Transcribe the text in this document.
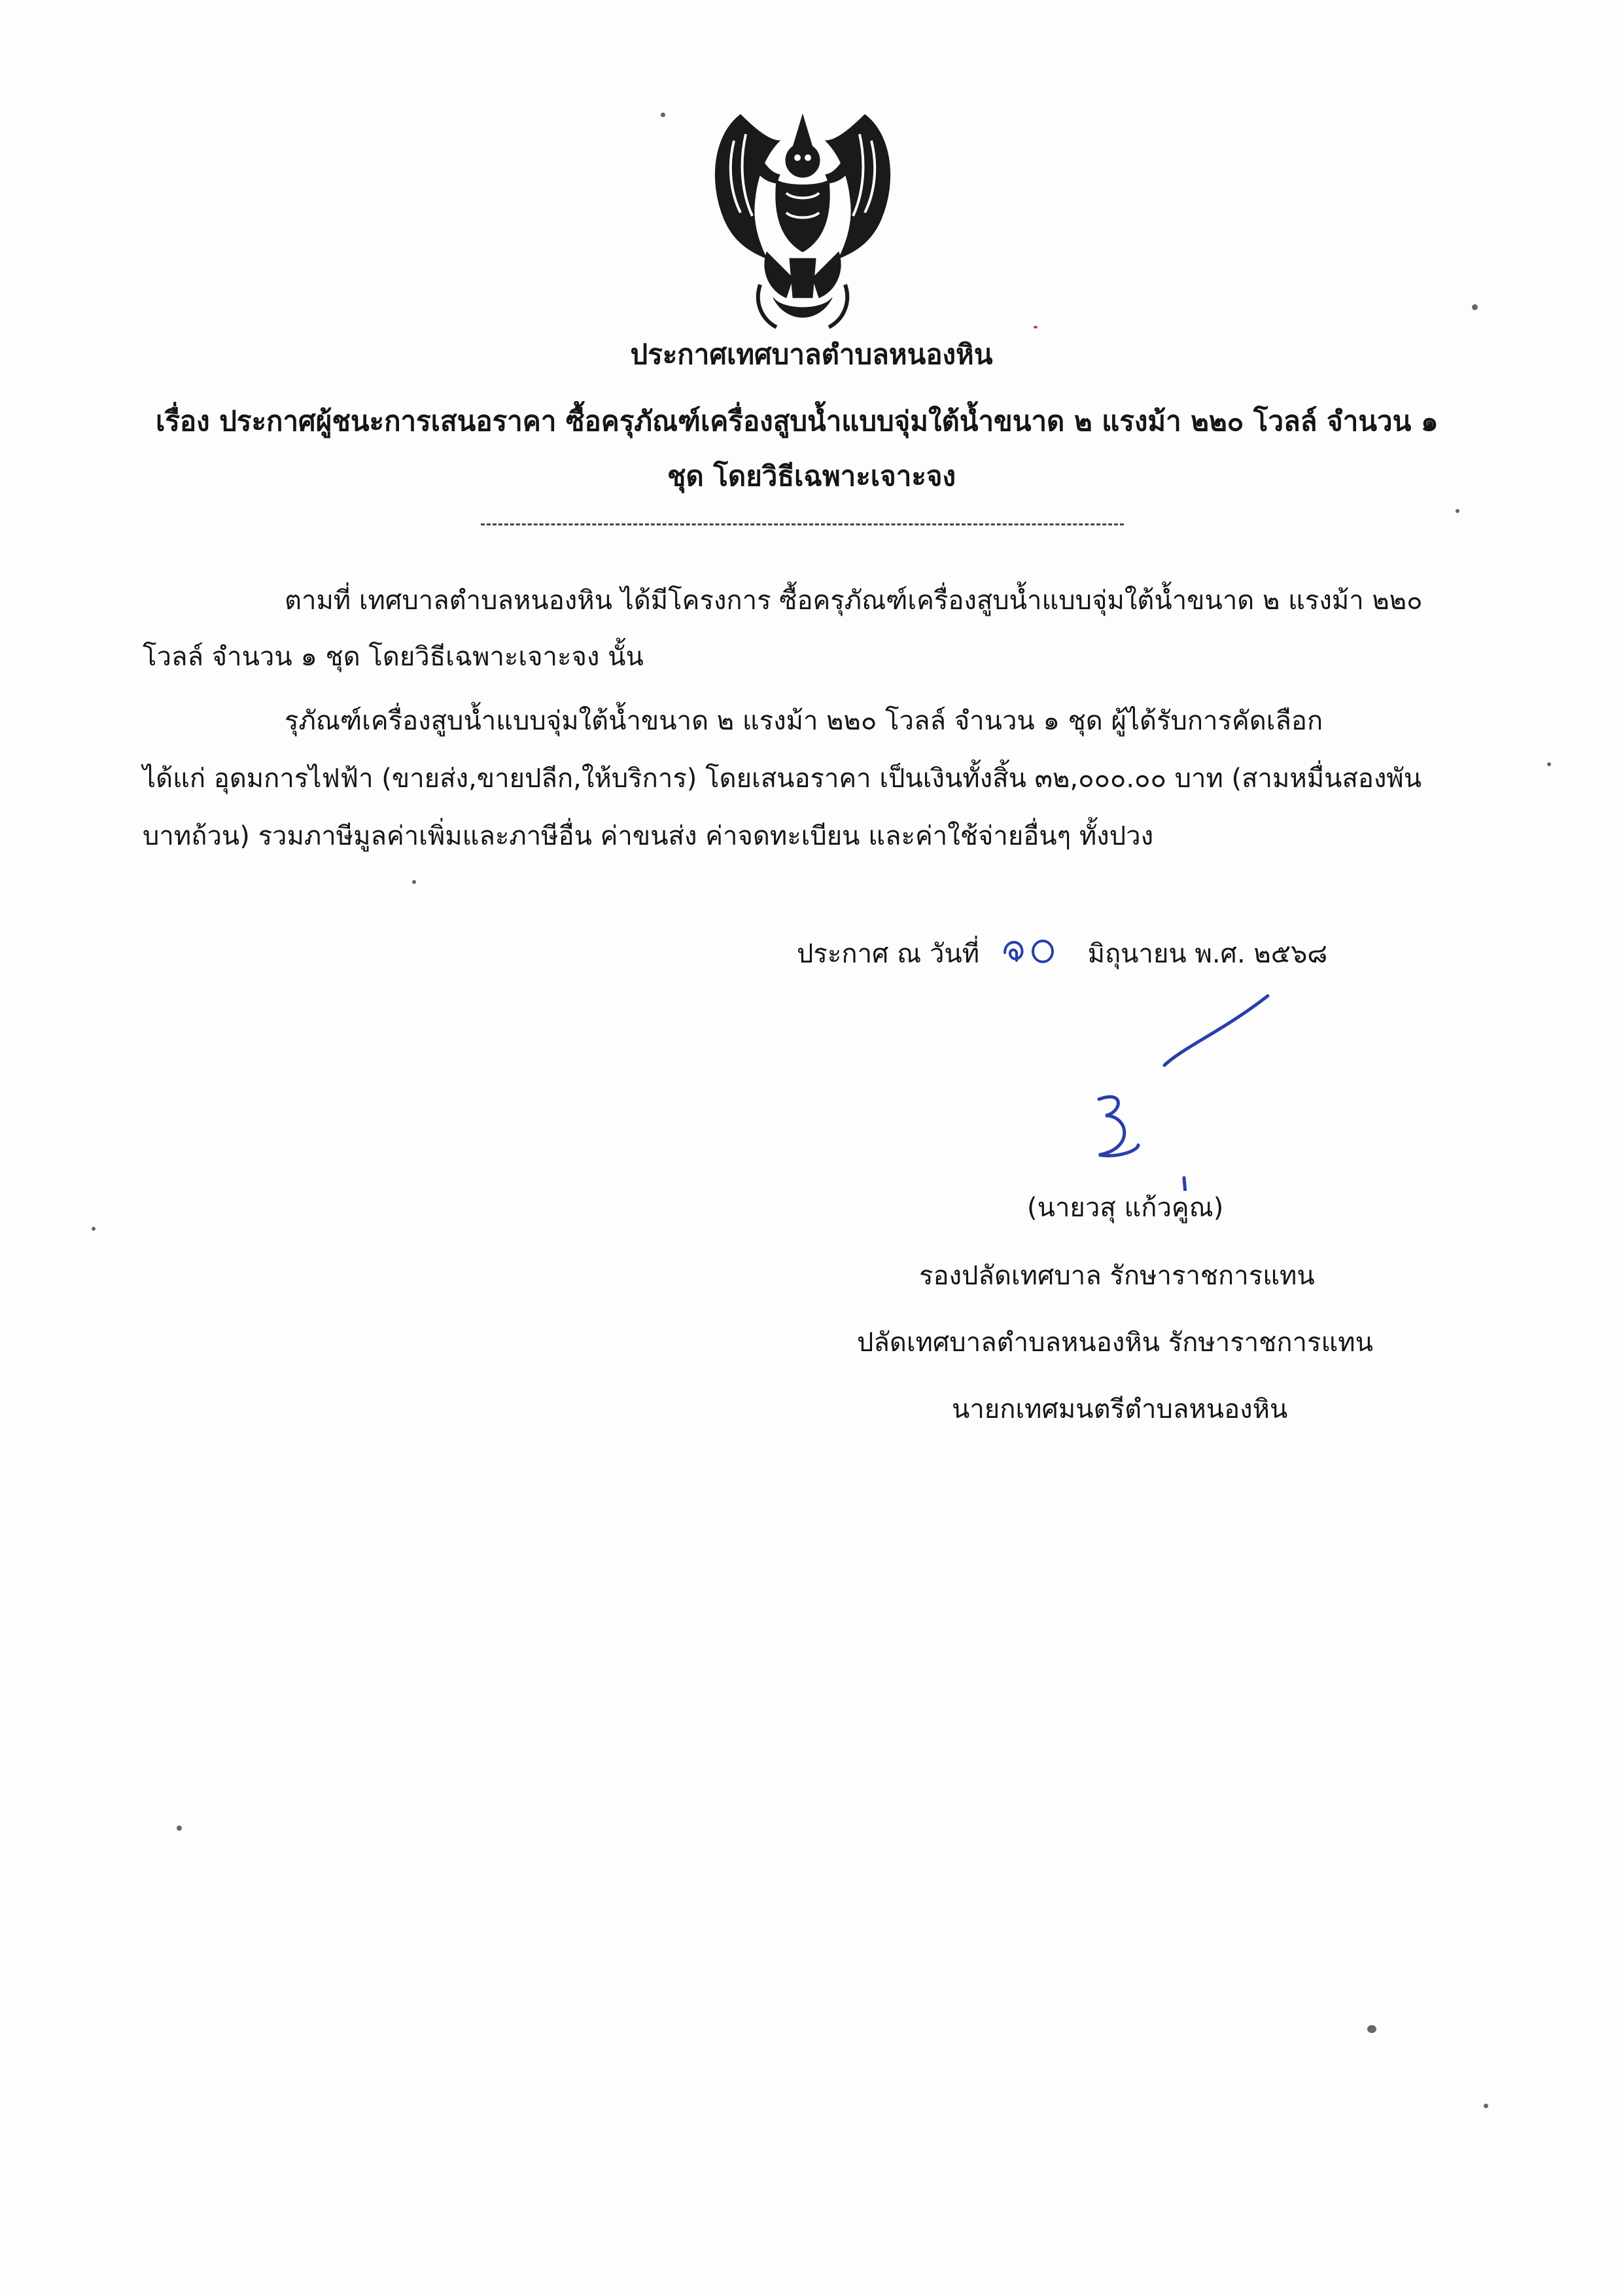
ประกาศเทศบาลตำบลหนองหิน
เรื่อง ประกาศผู้ชนะการเสนอราคา ซื้อครุภัณฑ์เครื่องสูบน้ำแบบจุ่มใต้น้ำขนาด ๒ แรงม้า ๒๒๐ โวลล์ จำนวน ๑
ชุด โดยวิธีเฉพาะเจาะจง
ตามที่ เทศบาลตำบลหนองหิน ได้มีโครงการ ซื้อครุภัณฑ์เครื่องสูบน้ำแบบจุ่มใต้น้ำขนาด ๒ แรงม้า ๒๒๐
โวลล์ จำนวน ๑ ชุด โดยวิธีเฉพาะเจาะจง นั้น
รุภัณฑ์เครื่องสูบน้ำแบบจุ่มใต้น้ำขนาด ๒ แรงม้า ๒๒๐ โวลล์ จำนวน ๑ ชุด ผู้ได้รับการคัดเลือก
ได้แก่ อุดมการไฟฟ้า (ขายส่ง,ขายปลีก,ให้บริการ) โดยเสนอราคา เป็นเงินทั้งสิ้น ๓๒,๐๐๐.๐๐ บาท (สามหมื่นสองพัน
บาทถ้วน) รวมภาษีมูลค่าเพิ่มและภาษีอื่น ค่าขนส่ง ค่าจดทะเบียน และค่าใช้จ่ายอื่นๆ ทั้งปวง
ประกาศ ณ วันที่	มิถุนายน พ.ศ. ๒๕๖๘
(นายวสุ แก้วคูณ)
รองปลัดเทศบาล รักษาราชการแทน
ปลัดเทศบาลตำบลหนองหิน รักษาราชการแทน
นายกเทศมนตรีตำบลหนองหิน
